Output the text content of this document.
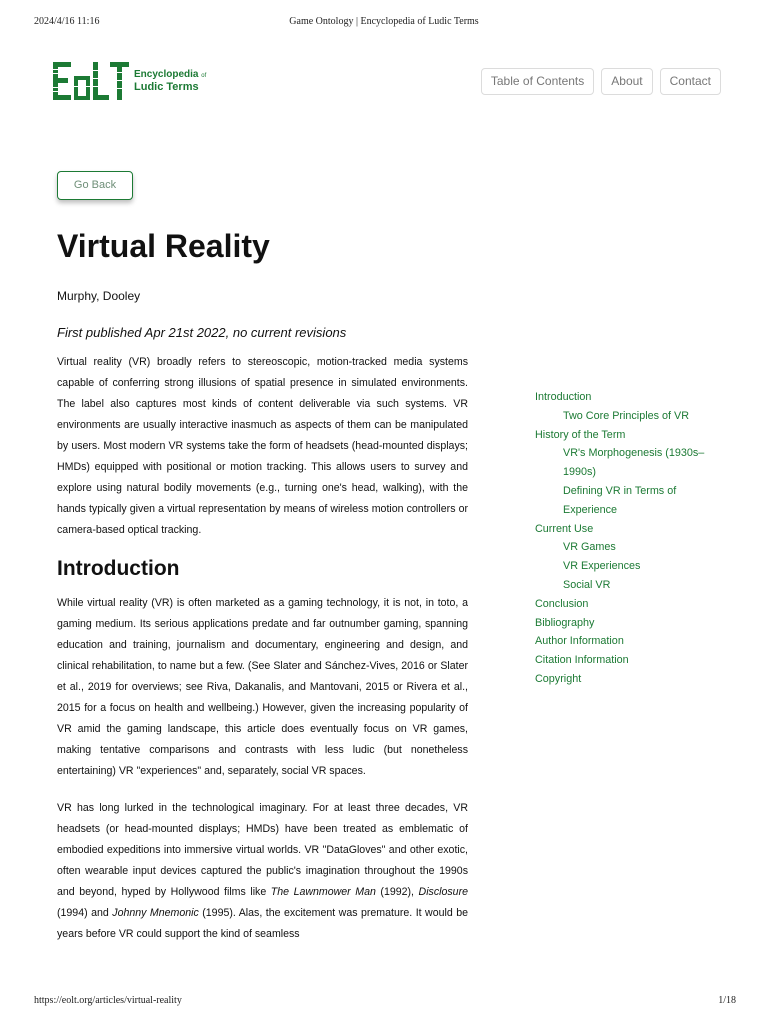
2024/4/16 11:16	Game Ontology | Encyclopedia of Ludic Terms
Encyclopedia of
Ludic Terms	Table of Contents	About	Contact
Go Back
Virtual Reality
Murphy, Dooley
First published Apr 21st 2022, no current revisions

Virtual reality (VR) broadly refers to stereoscopic, motion-tracked media systems capable of conferring strong illusions of spatial presence in simulated environments. The label also captures most kinds of content deliverable via such systems. VR environments are usually interactive inasmuch as aspects of them can be manipulated by users. Most modern VR systems take the form of headsets (head-mounted displays; HMDs) equipped with positional or motion tracking. This allows users to survey and explore using natural bodily movements (e.g., turning one's head, walking), with the hands typically given a virtual representation by means of wireless motion controllers or camera-based optical tracking.

Introduction

While virtual reality (VR) is often marketed as a gaming technology, it is not, in toto, a gaming medium. Its serious applications predate and far outnumber gaming, spanning education and training, journalism and documentary, engineering and design, and clinical rehabilitation, to name but a few. (See Slater and Sánchez-Vives, 2016 or Slater et al., 2019 for overviews; see Riva, Dakanalis, and Mantovani, 2015 or Rivera et al., 2015 for a focus on health and wellbeing.) However, given the increasing popularity of VR amid the gaming landscape, this article does eventually focus on VR games, making tentative comparisons and contrasts with less ludic (but nonetheless entertaining) VR "experiences" and, separately, social VR spaces.

VR has long lurked in the technological imaginary. For at least three decades, VR headsets (or head-mounted displays; HMDs) have been treated as emblematic of embodied expeditions into immersive virtual worlds. VR "DataGloves" and other exotic, often wearable input devices captured the public's imagination throughout the 1990s and beyond, hyped by Hollywood films like The Lawnmower Man (1992), Disclosure (1994) and Johnny Mnemonic (1995). Alas, the excitement was premature. It would be years before VR could support the kind of seamless

Introduction
Two Core Principles of VR
History of the Term
VR's Morphogenesis (1930s–1990s)
Defining VR in Terms of Experience
Current Use
VR Games
VR Experiences
Social VR
Conclusion
Bibliography
Author Information
Citation Information
Copyright
https://eolt.org/articles/virtual-reality	1/18
